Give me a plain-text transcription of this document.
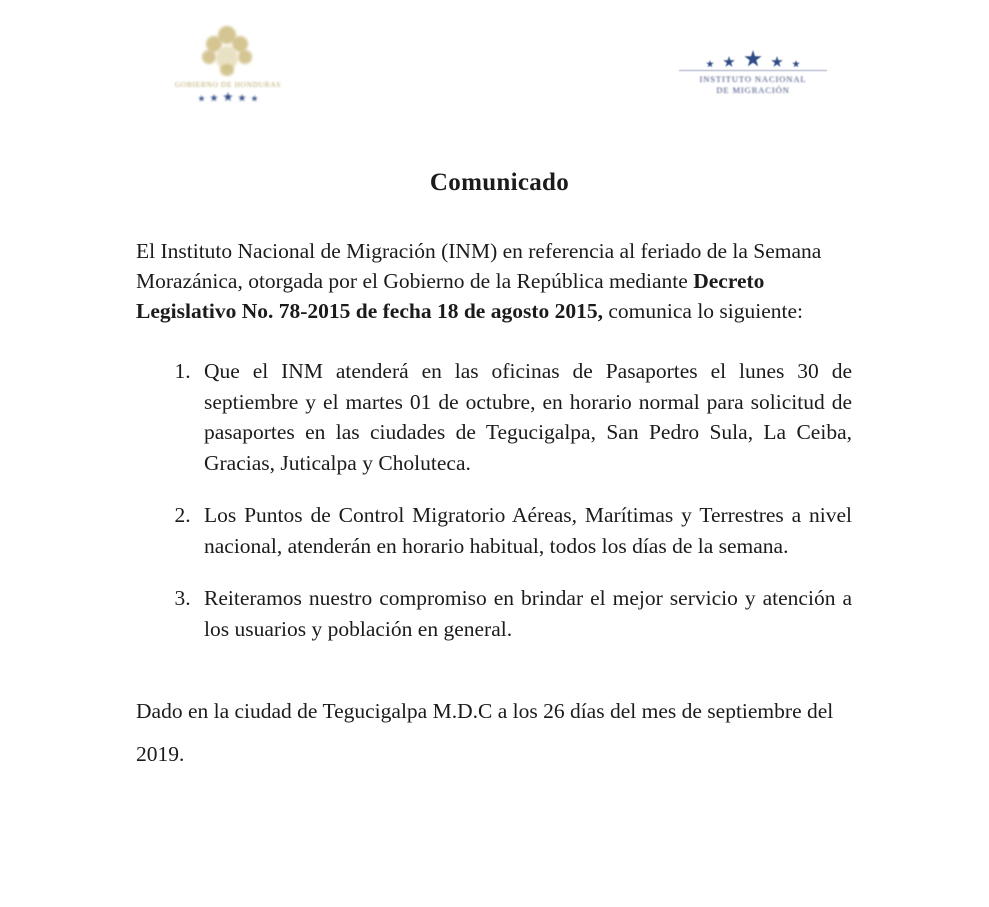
GOBIERNO DE HONDURAS
INSTITUTO NACIONAL
DE MIGRACIÓN
Comunicado

El Instituto Nacional de Migración (INM) en referencia al feriado de la Semana Morazánica, otorgada por el Gobierno de la República mediante Decreto Legislativo No. 78-2015 de fecha 18 de agosto 2015, comunica lo siguiente:

1. Que el INM atenderá en las oficinas de Pasaportes el lunes 30 de septiembre y el martes 01 de octubre, en horario normal para solicitud de pasaportes en las ciudades de Tegucigalpa, San Pedro Sula, La Ceiba, Gracias, Juticalpa y Choluteca.
2. Los Puntos de Control Migratorio Aéreas, Marítimas y Terrestres a nivel nacional, atenderán en horario habitual, todos los días de la semana.
3. Reiteramos nuestro compromiso en brindar el mejor servicio y atención a los usuarios y población en general.

Dado en la ciudad de Tegucigalpa M.D.C a los 26 días del mes de septiembre del 2019.
